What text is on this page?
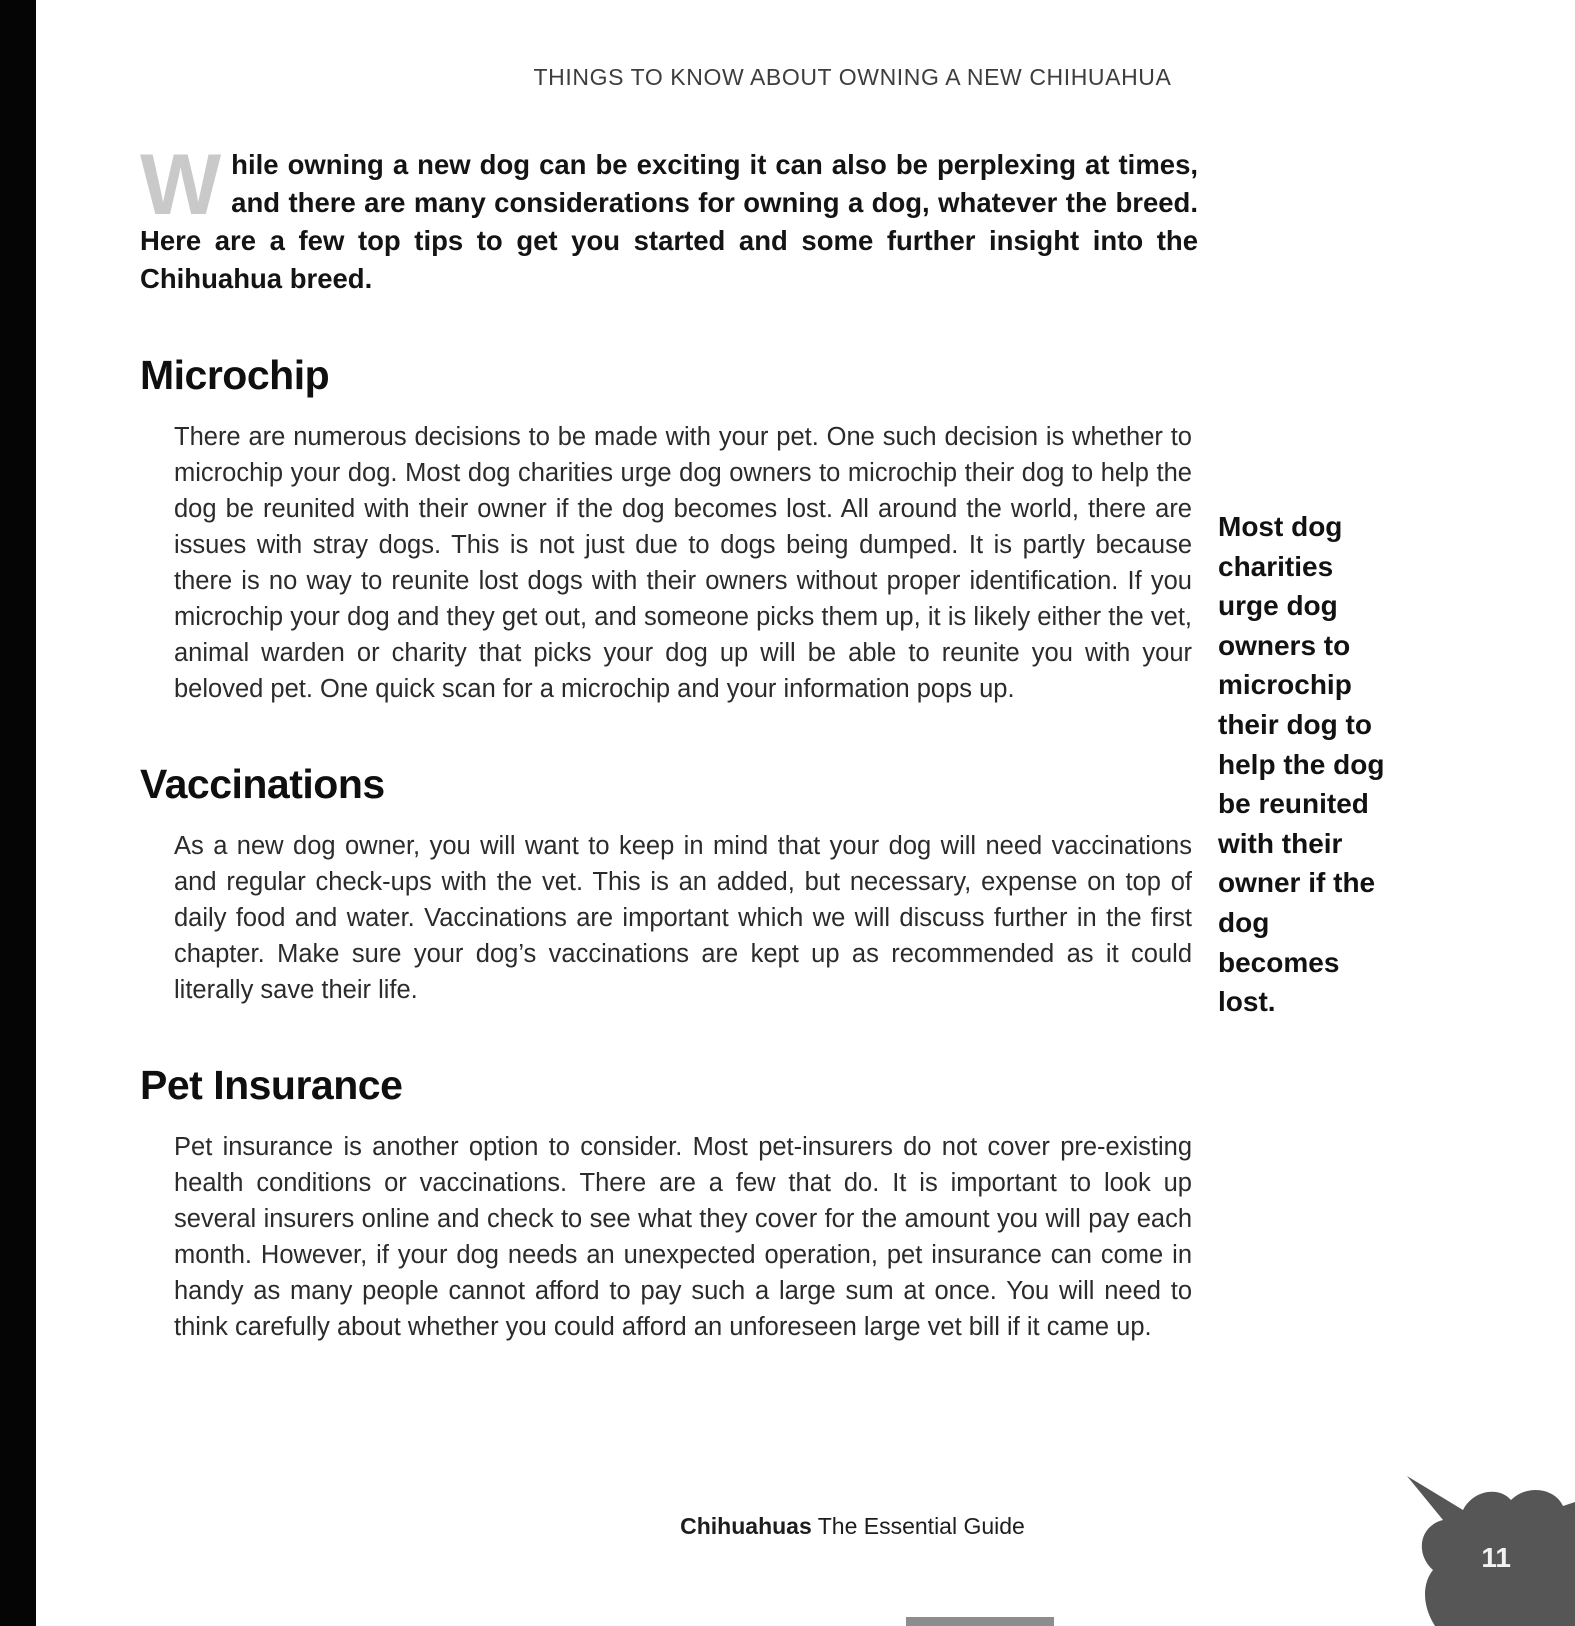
THINGS TO KNOW ABOUT OWNING A NEW CHIHUAHUA

While owning a new dog can be exciting it can also be perplexing at times, and there are many considerations for owning a dog, whatever the breed. Here are a few top tips to get you started and some further insight into the Chihuahua breed.

Microchip

There are numerous decisions to be made with your pet. One such decision is whether to microchip your dog. Most dog charities urge dog owners to microchip their dog to help the dog be reunited with their owner if the dog becomes lost. All around the world, there are issues with stray dogs. This is not just due to dogs being dumped. It is partly because there is no way to reunite lost dogs with their owners without proper identification. If you microchip your dog and they get out, and someone picks them up, it is likely either the vet, animal warden or charity that picks your dog up will be able to reunite you with your beloved pet. One quick scan for a microchip and your information pops up.

Vaccinations

As a new dog owner, you will want to keep in mind that your dog will need vaccinations and regular check-ups with the vet. This is an added, but necessary, expense on top of daily food and water. Vaccinations are important which we will discuss further in the first chapter. Make sure your dog’s vaccinations are kept up as recommended as it could literally save their life.

Pet Insurance

Pet insurance is another option to consider. Most pet-insurers do not cover pre-existing health conditions or vaccinations. There are a few that do. It is important to look up several insurers online and check to see what they cover for the amount you will pay each month. However, if your dog needs an unexpected operation, pet insurance can come in handy as many people cannot afford to pay such a large sum at once. You will need to think carefully about whether you could afford an unforeseen large vet bill if it came up.

Most dog charities urge dog owners to microchip their dog to help the dog be reunited with their owner if the dog becomes lost.
Chihuahuas The Essential Guide
11
